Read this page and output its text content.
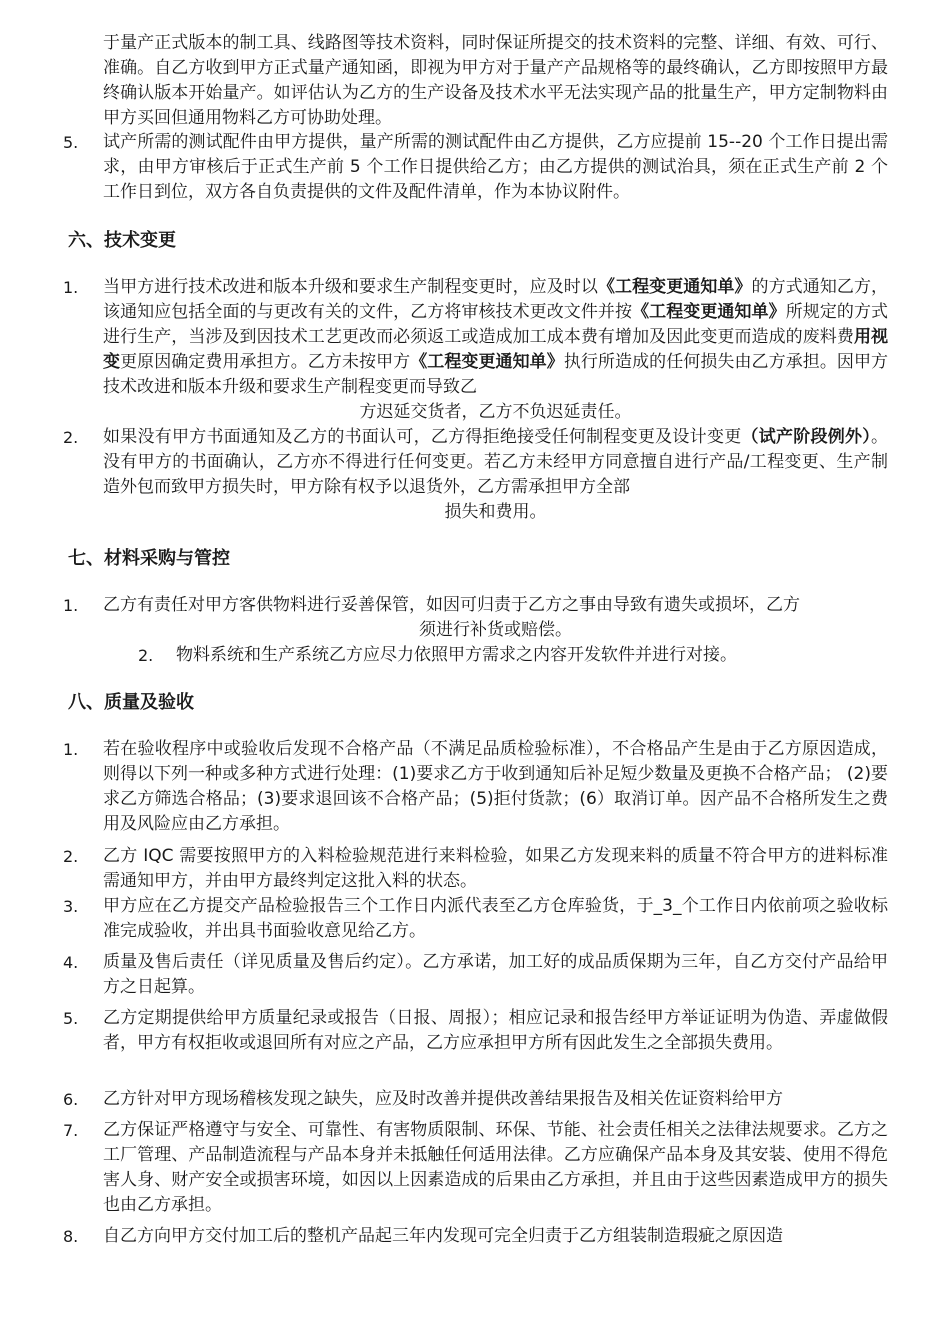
于量产正式版本的制工具、线路图等技术资料，同时保证所提交的技术资料的完整、详细、有效、可行、准确。自乙方收到甲方正式量产通知函，即视为甲方对于量产产品规格等的最终确认，乙方即按照甲方最终确认版本开始量产。如评估认为乙方的生产设备及技术水平无法实现产品的批量生产，甲方定制物料由甲方买回但通用物料乙方可协助处理。
5. 试产所需的测试配件由甲方提供，量产所需的测试配件由乙方提供，乙方应提前 15--20 个工作日提出需求，由甲方审核后于正式生产前 5 个工作日提供给乙方；由乙方提供的测试治具，须在正式生产前 2 个工作日到位，双方各自负责提供的文件及配件清单，作为本协议附件。
六、技术变更
1. 当甲方进行技术改进和版本升级和要求生产制程变更时，应及时以《工程变更通知单》的方式通知乙方，该通知应包括全面的与更改有关的文件，乙方将审核技术更改文件并按《工程变更通知单》所规定的方式进行生产，当涉及到因技术工艺更改而必须返工或造成加工成本费有增加及因此变更而造成的废料费用视变更原因确定费用承担方。乙方未按甲方《工程变更通知单》执行所造成的任何损失由乙方承担。因甲方技术改进和版本升级和要求生产制程变更而导致乙
方迟延交货者，乙方不负迟延责任。
2. 如果没有甲方书面通知及乙方的书面认可，乙方得拒绝接受任何制程变更及设计变更（试产阶段例外）。没有甲方的书面确认，乙方亦不得进行任何变更。若乙方未经甲方同意擅自进行产品/工程变更、生产制造外包而致甲方损失时，甲方除有权予以退货外，乙方需承担甲方全部
损失和费用。
七、材料采购与管控
1. 乙方有责任对甲方客供物料进行妥善保管，如因可归责于乙方之事由导致有遗失或损坏，乙方
须进行补货或赔偿。
2. 物料系统和生产系统乙方应尽力依照甲方需求之内容开发软件并进行对接。
八、质量及验收
1. 若在验收程序中或验收后发现不合格产品（不满足品质检验标准），不合格品产生是由于乙方原因造成，则得以下列一种或多种方式进行处理：(1)要求乙方于收到通知后补足短少数量及更换不合格产品； (2)要求乙方筛选合格品；(3)要求退回该不合格产品；(5)拒付货款；(6）取消订单。因产品不合格所发生之费用及风险应由乙方承担。
2. 乙方 IQC 需要按照甲方的入料检验规范进行来料检验，如果乙方发现来料的质量不符合甲方的进料标准需通知甲方，并由甲方最终判定这批入料的状态。
3. 甲方应在乙方提交产品检验报告三个工作日内派代表至乙方仓库验货，于_3_个工作日内依前项之验收标准完成验收，并出具书面验收意见给乙方。
4. 质量及售后责任（详见质量及售后约定）。乙方承诺，加工好的成品质保期为三年，自乙方交付产品给甲方之日起算。
5. 乙方定期提供给甲方质量纪录或报告（日报、周报）；相应记录和报告经甲方举证证明为伪造、弄虚做假者，甲方有权拒收或退回所有对应之产品，乙方应承担甲方所有因此发生之全部损失费用。
6. 乙方针对甲方现场稽核发现之缺失，应及时改善并提供改善结果报告及相关佐证资料给甲方
7. 乙方保证严格遵守与安全、可靠性、有害物质限制、环保、节能、社会责任相关之法律法规要求。乙方之工厂管理、产品制造流程与产品本身并未抵触任何适用法律。乙方应确保产品本身及其安装、使用不得危害人身、财产安全或损害环境，如因以上因素造成的后果由乙方承担，并且由于这些因素造成甲方的损失也由乙方承担。
8. 自乙方向甲方交付加工后的整机产品起三年内发现可完全归责于乙方组装制造瑕疵之原因造
